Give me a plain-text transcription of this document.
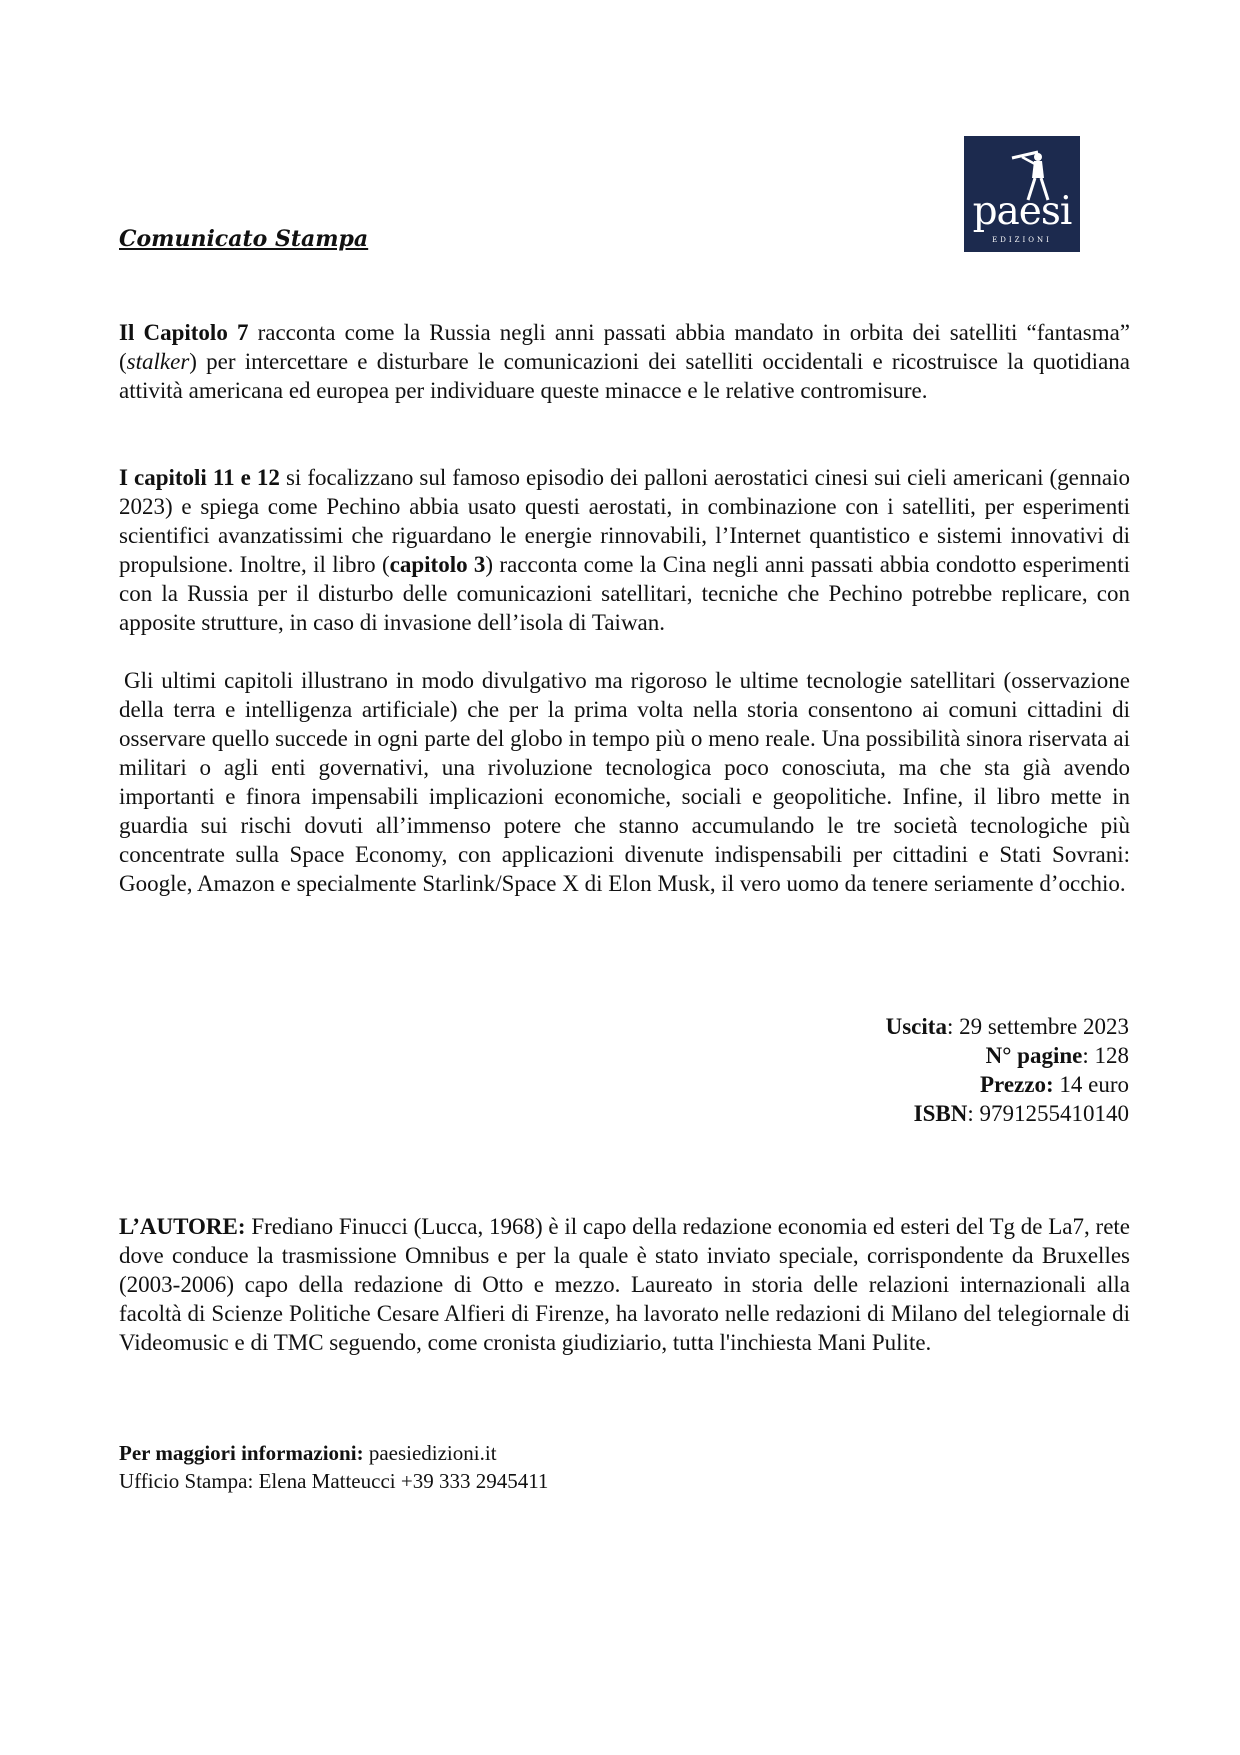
paesi
EDIZIONI
Comunicato Stampa

Il Capitolo 7 racconta come la Russia negli anni passati abbia mandato in orbita dei satelliti “fantasma” (stalker) per intercettare e disturbare le comunicazioni dei satelliti occidentali e ricostruisce la quotidiana attività americana ed europea per individuare queste minacce e le relative contromisure.

I capitoli 11 e 12 si focalizzano sul famoso episodio dei palloni aerostatici cinesi sui cieli americani (gennaio 2023) e spiega come Pechino abbia usato questi aerostati, in combinazione con i satelliti, per esperimenti scientifici avanzatissimi che riguardano le energie rinnovabili, l’Internet quantistico e sistemi innovativi di propulsione. Inoltre, il libro (capitolo 3) racconta come la Cina negli anni passati abbia condotto esperimenti con la Russia per il disturbo delle comunicazioni satellitari, tecniche che Pechino potrebbe replicare, con apposite strutture, in caso di invasione dell’isola di Taiwan.

Gli ultimi capitoli illustrano in modo divulgativo ma rigoroso le ultime tecnologie satellitari (osservazione della terra e intelligenza artificiale) che per la prima volta nella storia consentono ai comuni cittadini di osservare quello succede in ogni parte del globo in tempo più o meno reale. Una possibilità sinora riservata ai militari o agli enti governativi, una rivoluzione tecnologica poco conosciuta, ma che sta già avendo importanti e finora impensabili implicazioni economiche, sociali e geopolitiche. Infine, il libro mette in guardia sui rischi dovuti all’immenso potere che stanno accumulando le tre società tecnologiche più concentrate sulla Space Economy, con applicazioni divenute indispensabili per cittadini e Stati Sovrani: Google, Amazon e specialmente Starlink/Space X di Elon Musk, il vero uomo da tenere seriamente d’occhio.

Uscita: 29 settembre 2023
N° pagine: 128
Prezzo: 14 euro
ISBN: 9791255410140

L’AUTORE: Frediano Finucci (Lucca, 1968) è il capo della redazione economia ed esteri del Tg de La7, rete dove conduce la trasmissione Omnibus e per la quale è stato inviato speciale, corrispondente da Bruxelles (2003-2006) capo della redazione di Otto e mezzo. Laureato in storia delle relazioni internazionali alla facoltà di Scienze Politiche Cesare Alfieri di Firenze, ha lavorato nelle redazioni di Milano del telegiornale di Videomusic e di TMC seguendo, come cronista giudiziario, tutta l'inchiesta Mani Pulite.

Per maggiori informazioni: paesiedizioni.it
Ufficio Stampa: Elena Matteucci +39 333 2945411
